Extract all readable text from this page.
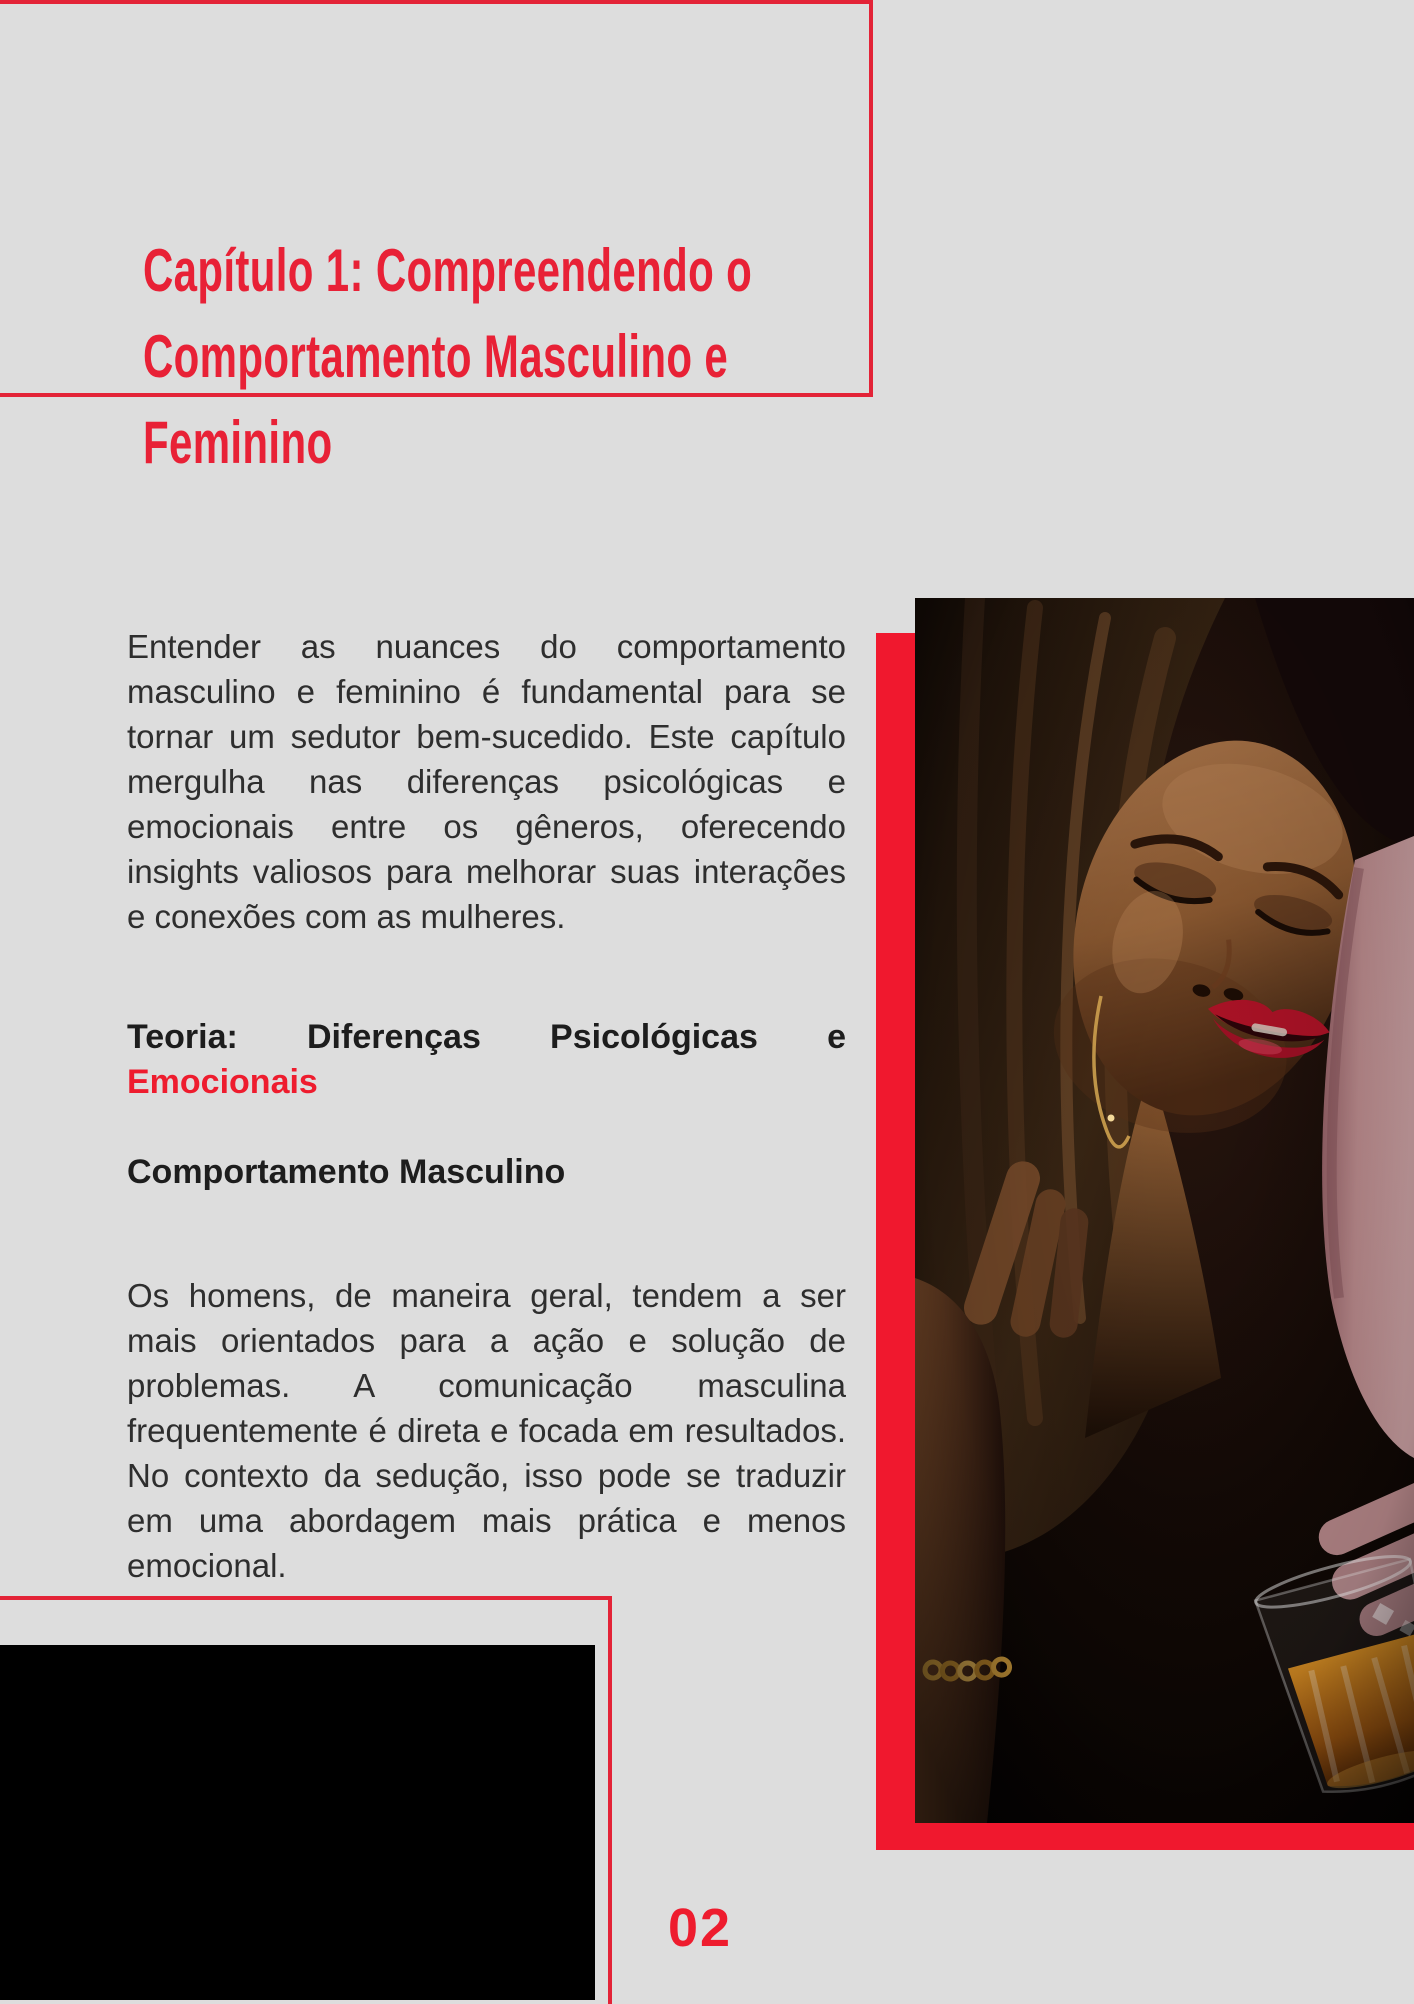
Capítulo 1: Compreendendo o
Comportamento Masculino e
Feminino

Entender as nuances do comportamento masculino e feminino é fundamental para se tornar um sedutor bem-sucedido. Este capítulo mergulha nas diferenças psicológicas e emocionais entre os gêneros, oferecendo insights valiosos para melhorar suas interações e conexões com as mulheres.

Teoria: Diferenças Psicológicas e
Emocionais
Comportamento Masculino

Os homens, de maneira geral, tendem a ser mais orientados para a ação e solução de problemas. A comunicação masculina frequentemente é direta e focada em resultados. No contexto da sedução, isso pode se traduzir em uma abordagem mais prática e menos emocional.

02
